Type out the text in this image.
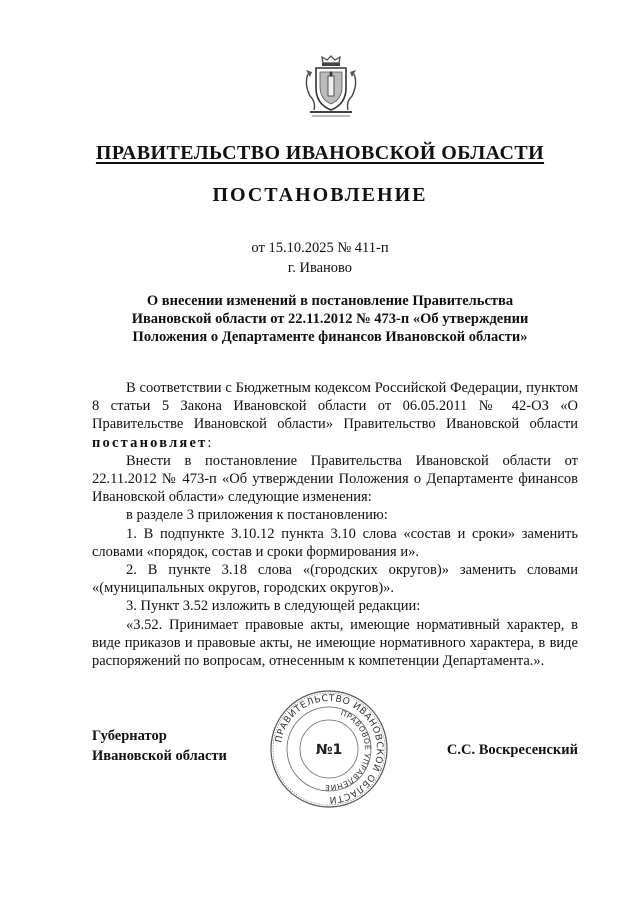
ПРАВИТЕЛЬСТВО ИВАНОВСКОЙ ОБЛАСТИ
ПОСТАНОВЛЕНИЕ
от 15.10.2025 № 411-п
г. Иваново
О внесении изменений в постановление Правительства
Ивановской области от 22.11.2012 № 473-п «Об утверждении
Положения о Департаменте финансов Ивановской области»

В соответствии с Бюджетным кодексом Российской Федерации, пунктом 8 статьи 5 Закона Ивановской области от 06.05.2011 № 42-ОЗ «О Правительстве Ивановской области» Правительство Ивановской области постановляет:

Внести в постановление Правительства Ивановской области от 22.11.2012 № 473-п «Об утверждении Положения о Департаменте финансов Ивановской области» следующие изменения:

в разделе 3 приложения к постановлению:

1. В подпункте 3.10.12 пункта 3.10 слова «состав и сроки» заменить словами «порядок, состав и сроки формирования и».

2. В пункте 3.18 слова «(городских округов)» заменить словами «(муниципальных округов, городских округов)».

3. Пункт 3.52 изложить в следующей редакции:

«3.52. Принимает правовые акты, имеющие нормативный характер, в виде приказов и правовые акты, не имеющие нормативного характера, в виде распоряжений по вопросам, отнесенным к компетенции Департамента.».

Губернатор
Ивановской области
ПРАВИТЕЛЬСТВО ИВАНОВСКОЙ ОБЛАСТИ
ПРАВОВОЕ УПРАВЛЕНИЕ
№1	С.С. Воскресенский
